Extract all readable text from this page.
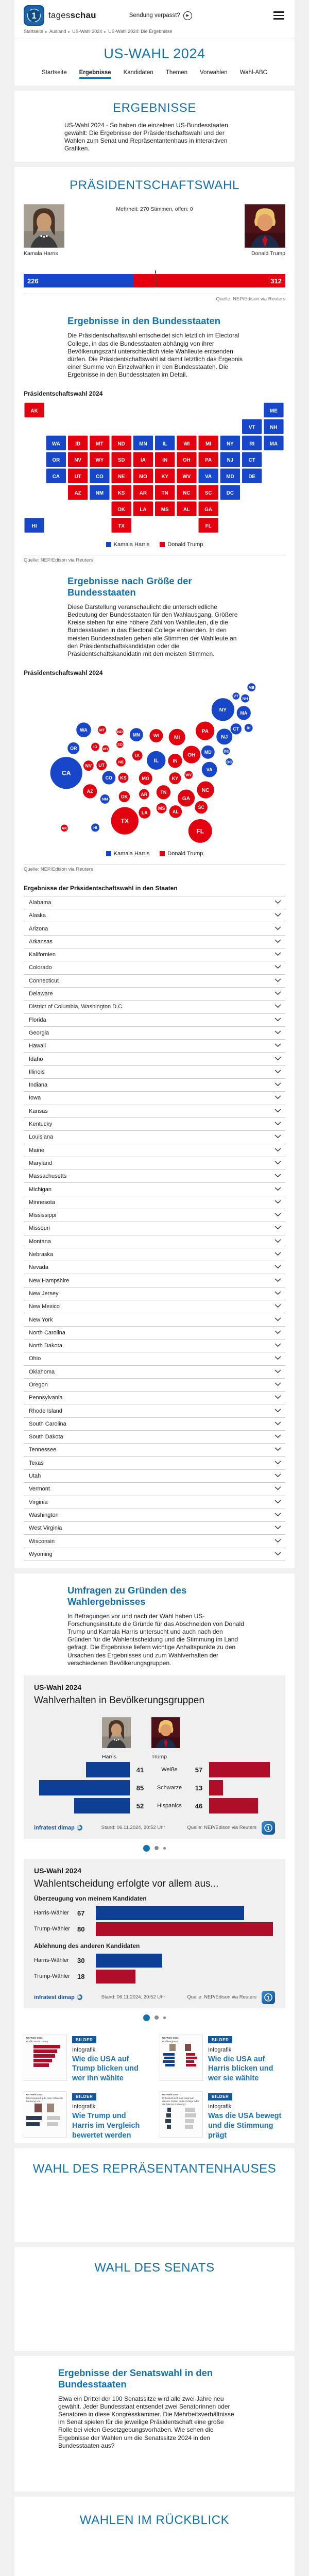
1 tagesschau	Sendung verpasst?	▶
Startseite ▸ Ausland ▸ US-Wahl 2024 ▸ US-Wahl 2024: Die Ergebnisse
US-WAHL 2024
Startseite Ergebnisse Kandidaten Themen Vorwahlen Wahl-ABC
ERGEBNISSE

US-Wahl 2024 - So haben die einzelnen US-Bundesstaaten gewählt: Die Ergebnisse der Präsidentschaftswahl und der Wahlen zum Senat und Repräsentantenhaus in interaktiven Grafiken.

PRÄSIDENTSCHAFTSWAHL
Mehrheit: 270 Stimmen, offen: 0
Kamala Harris	Donald Trump
226	312
Quelle: NEP/Edison via Reuters
Ergebnisse in den Bundesstaaten

Die Präsidentschaftswahl entscheidet sich letztlich im Electoral College, in das die Bundesstaaten abhängig von ihrer Bevölkerungszahl unterschiedlich viele Wahlleute entsenden dürfen. Die Präsidentschaftswahl ist damit letztlich das Ergebnis einer Summe von Einzelwahlen in den Bundesstaaten. Die Ergebnisse in den Bundesstaaten im Detail.

Präsidentschaftswahl 2024
AK	ME
VT	NH
WA	ID	MT	ND	MN	IL	WI	MI	NY	RI	MA
OR	NV	WY	SD	IA	IN	OH	PA	NJ	CT
CA	UT	CO	NE	MO	KY	WV	VA	MD	DE
AZ	NM	KS	AR	TN	NC	SC	DC
OK	LA	MS	AL	GA
HI	TX	FL
Kamala Harris	Donald Trump
Quelle: NEP/Edison via Reuters
Ergebnisse nach Größe der Bundesstaaten

Diese Darstellung veranschaulicht die unterschiedliche Bedeutung der Bundesstaaten für den Wahlausgang. Größere Kreise stehen für eine höhere Zahl von Wahlleuten, die die Bundesstaaten in das Electoral College entsenden. In den meisten Bundesstaaten gehen alle Stimmen der Wahlleute an den Präsidentschaftskandidaten oder die Präsidentschaftskandidatin mit den meisten Stimmen.

Präsidentschaftswahl 2024
CA
TX
FL
NY
IL
PA
OH
NC
GA
MI	NJ
VA
WA
MA
IN
AZ	TN
MN	WI
CO	MO
MD
SC
AL
OR
KY
LA
CT
OK
NV
IA
UT
KS
AR
MS
NE
NM
ME
NH
ID
MT	RI
WV
HI
AK
VT
ND
WY
SD
DE
DC
Kamala Harris	Donald Trump
Quelle: NEP/Edison via Reuters
Ergebnisse der Präsidentschaftswahl in den Staaten
Alabama
Alaska
Arizona
Arkansas
Kalifornien
Colorado
Connecticut
Delaware
District of Columbia, Washington D.C.
Florida
Georgia
Hawaii
Idaho
Illinois
Indiana
Iowa
Kansas
Kentucky
Louisiana
Maine
Maryland
Massachusetts
Michigan
Minnesota
Mississippi
Missouri
Montana
Nebraska
Nevada
New Hampshire
New Jersey
New Mexico
New York
North Carolina
North Dakota
Ohio
Oklahoma
Oregon
Pennsylvania
Rhode Island
South Carolina
South Dakota
Tennessee
Texas
Utah
Vermont
Virginia
Washington
West Virginia
Wisconsin
Wyoming
Umfragen zu Gründen des Wahlergebnisses

In Befragungen vor und nach der Wahl haben US-Forschungsinstitute die Gründe für das Abschneiden von Donald Trump und Kamala Harris untersucht und auch nach den Gründen für die Wahlentscheidung und die Stimmung im Land gefragt. Die Ergebnisse liefern wichtige Anhaltspunkte zu den Ursachen des Ergebnisses und zum Wahlverhalten der verschiedenen Bevölkerungsgruppen.

US-Wahl 2024
Wahlverhalten in Bevölkerungsgruppen
Harris	Trump
41	Weiße	57
85	Schwarze	13
52	Hispanics	46
infratest dimap	Stand: 06.11.2024, 20:52 Uhr	Quelle: NEP/Edison via Reuters 1
US-Wahl 2024
Wahlentscheidung erfolgte vor allem aus...
Überzeugung von meinem Kandidaten
Harris-Wähler	67
Trump-Wähler	80
Ablehnung des anderen Kandidaten
Harris-Wähler	30
Trump-Wähler	18
infratest dimap	Stand: 06.11.2024, 20:52 Uhr	Quelle: NEP/Edison via Reuters 1
US-Wahl 2024
Profil Donald Trump	BILDER
Infografik
Wie die USA auf Trump blicken und wer ihn wählte
US-Wahl 2024
Profilvergleich	BILDER
Infografik
Wie die USA auf Harris blicken und wer sie wählte
US-Wahl 2024
Überwiegend gute oder schlechte Meinung von...
BILDER
Infografik
Wie Trump und Harris im Vergleich bewertet werden
US-Wahl 2024
Entwickelt sich das Land auf diesem Gebiet in die richtige oder die falsche Richtung?
BILDER
Infografik
Was die USA bewegt und die Stimmung prägt
WAHL DES REPRÄSENTANTENHAUSES
WAHL DES SENATS
Ergebnisse der Senatswahl in den Bundesstaaten

Etwa ein Drittel der 100 Senatssitze wird alle zwei Jahre neu gewählt. Jeder Bundesstaat entsendet zwei Senatorinnen oder Senatoren in diese Kongresskammer. Die Mehrheitsverhältnisse im Senat spielen für die jeweilige Präsidentschaft eine große Rolle bei vielen Gesetzgebungsvorhaben. Wie sehen die Ergebnisse der Wahlen um die Senatssitze 2024 in den Bundesstaaten aus?

WAHLEN IM RÜCKBLICK
